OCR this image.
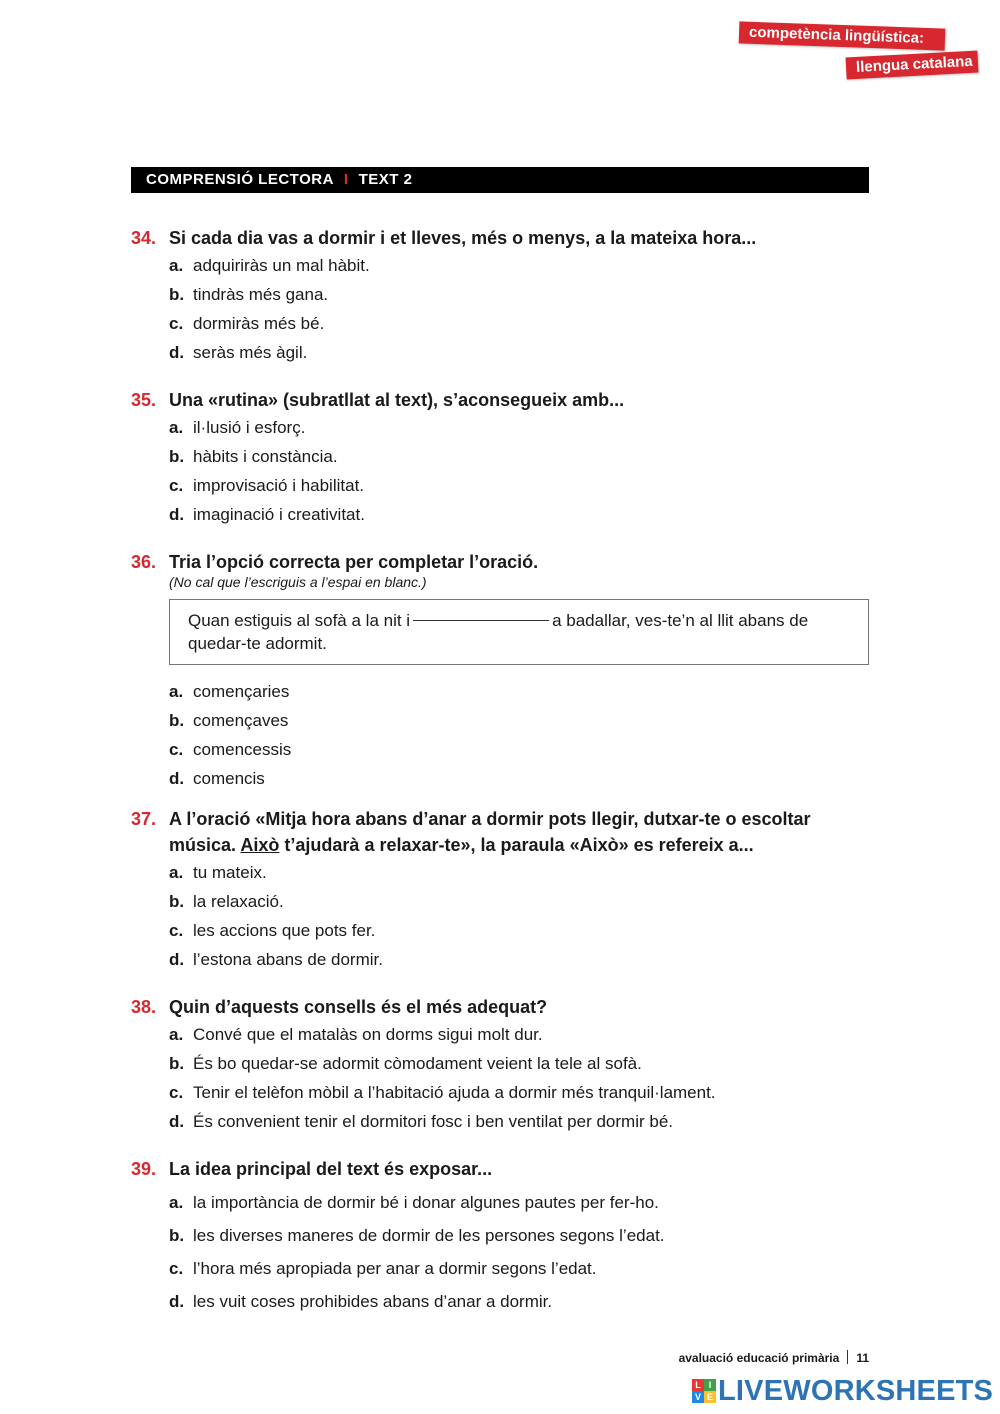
competència lingüística:
llengua catalana
COMPRENSIÓ LECTORA I TEXT 2
34. Si cada dia vas a dormir i et lleves, més o menys, a la mateixa hora...
a. adquiriràs un mal hàbit.
b. tindràs més gana.
c. dormiràs més bé.
d. seràs més àgil.
35. Una «rutina» (subratllat al text), s’aconsegueix amb...
a. il·lusió i esforç.
b. hàbits i constància.
c. improvisació i habilitat.
d. imaginació i creativitat.
36. Tria l’opció correcta per completar l’oració.
(No cal que l’escriguis a l’espai en blanc.)
Quan estiguis al sofà a la nit i	a badallar, ves-te’n al llit abans de quedar-te adormit.
a. començaries
b. començaves
c. comencessis
d. comencis
37. A l’oració «Mitja hora abans d’anar a dormir pots llegir, dutxar-te o escoltar música. Això t’ajudarà a relaxar-te», la paraula «Això» es refereix a...
a. tu mateix.
b. la relaxació.
c. les accions que pots fer.
d. l’estona abans de dormir.
38. Quin d’aquests consells és el més adequat?
a. Convé que el matalàs on dorms sigui molt dur.
b. És bo quedar-se adormit còmodament veient la tele al sofà.
c. Tenir el telèfon mòbil a l’habitació ajuda a dormir més tranquil·lament.
d. És convenient tenir el dormitori fosc i ben ventilat per dormir bé.
39. La idea principal del text és exposar...
a. la importància de dormir bé i donar algunes pautes per fer-ho.
b. les diverses maneres de dormir de les persones segons l’edat.
c. l’hora més apropiada per anar a dormir segons l’edat.
d. les vuit coses prohibides abans d’anar a dormir.
avaluació educació primària 11
L I
V E LIVEWORKSHEETS
